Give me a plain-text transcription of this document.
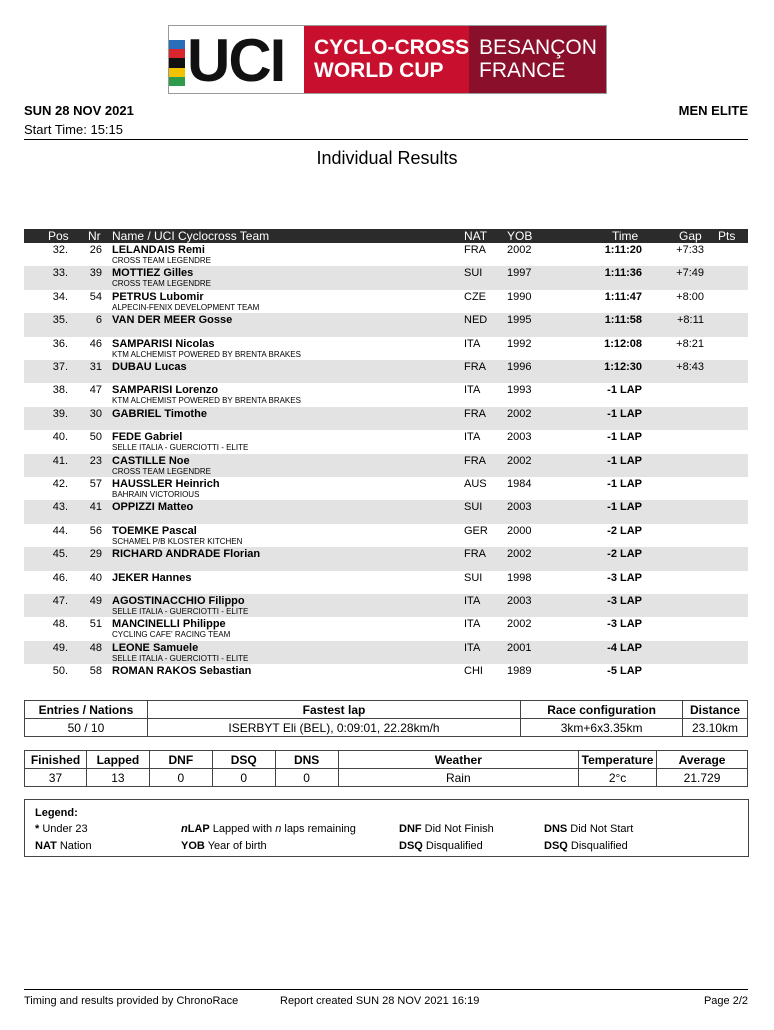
UCI CYCLO-CROSS
WORLD CUP
BESANÇON
FRANCE
SUN 28 NOV 2021	MEN ELITE
Start Time: 15:15
Individual Results
Pos Nr Name / UCI Cyclocross Team	NAT YOB	Time	Gap Pts
32. 26 LELANDAIS Remi	FRA 2002	1:11:20	+7:33
CROSS TEAM LEGENDRE
33. 39 MOTTIEZ Gilles	SUI 1997	1:11:36	+7:49
CROSS TEAM LEGENDRE
34. 54 PETRUS Lubomir	CZE 1990	1:11:47	+8:00
ALPECIN-FENIX DEVELOPMENT TEAM
35.	6 VAN DER MEER Gosse	NED 1995	1:11:58	+8:11
36. 46 SAMPARISI Nicolas	ITA 1992	1:12:08	+8:21
KTM ALCHEMIST POWERED BY BRENTA BRAKES
37. 31 DUBAU Lucas	FRA 1996	1:12:30	+8:43
38. 47 SAMPARISI Lorenzo	ITA 1993	-1 LAP
KTM ALCHEMIST POWERED BY BRENTA BRAKES
39. 30 GABRIEL Timothe	FRA 2002	-1 LAP
40. 50 FEDE Gabriel	ITA 2003	-1 LAP
SELLE ITALIA - GUERCIOTTI - ELITE
41. 23 CASTILLE Noe	FRA 2002	-1 LAP
CROSS TEAM LEGENDRE
42. 57 HAUSSLER Heinrich	AUS 1984	-1 LAP
BAHRAIN VICTORIOUS
43. 41 OPPIZZI Matteo	SUI 2003	-1 LAP
44. 56 TOEMKE Pascal	GER 2000	-2 LAP
SCHAMEL P/B KLOSTER KITCHEN
45. 29 RICHARD ANDRADE Florian	FRA 2002	-2 LAP
46. 40 JEKER Hannes	SUI 1998	-3 LAP
47. 49 AGOSTINACCHIO Filippo	ITA 2003	-3 LAP
SELLE ITALIA - GUERCIOTTI - ELITE
48. 51 MANCINELLI Philippe	ITA 2002	-3 LAP
CYCLING CAFE' RACING TEAM
49. 48 LEONE Samuele	ITA 2001	-4 LAP
SELLE ITALIA - GUERCIOTTI - ELITE
50. 58 ROMAN RAKOS Sebastian	CHI 1989	-5 LAP
Entries / Nations	Fastest lap	Race configuration	Distance
50 / 10	ISERBYT Eli (BEL), 0:09:01, 22.28km/h	3km+6x3.35km	23.10km
Finished	Lapped	DNF	DSQ	DNS	Weather	Temperature	Average
37	13	0	0	0	Rain	2°c	21.729
Legend:
* Under 23
NAT Nation
nLAP Lapped with n laps remaining
YOB Year of birth
DNF Did Not Finish
DSQ Disqualified
DNS Did Not Start
DSQ Disqualified
Timing and results provided by ChronoRace	Report created SUN 28 NOV 2021 16:19	Page 2/2
